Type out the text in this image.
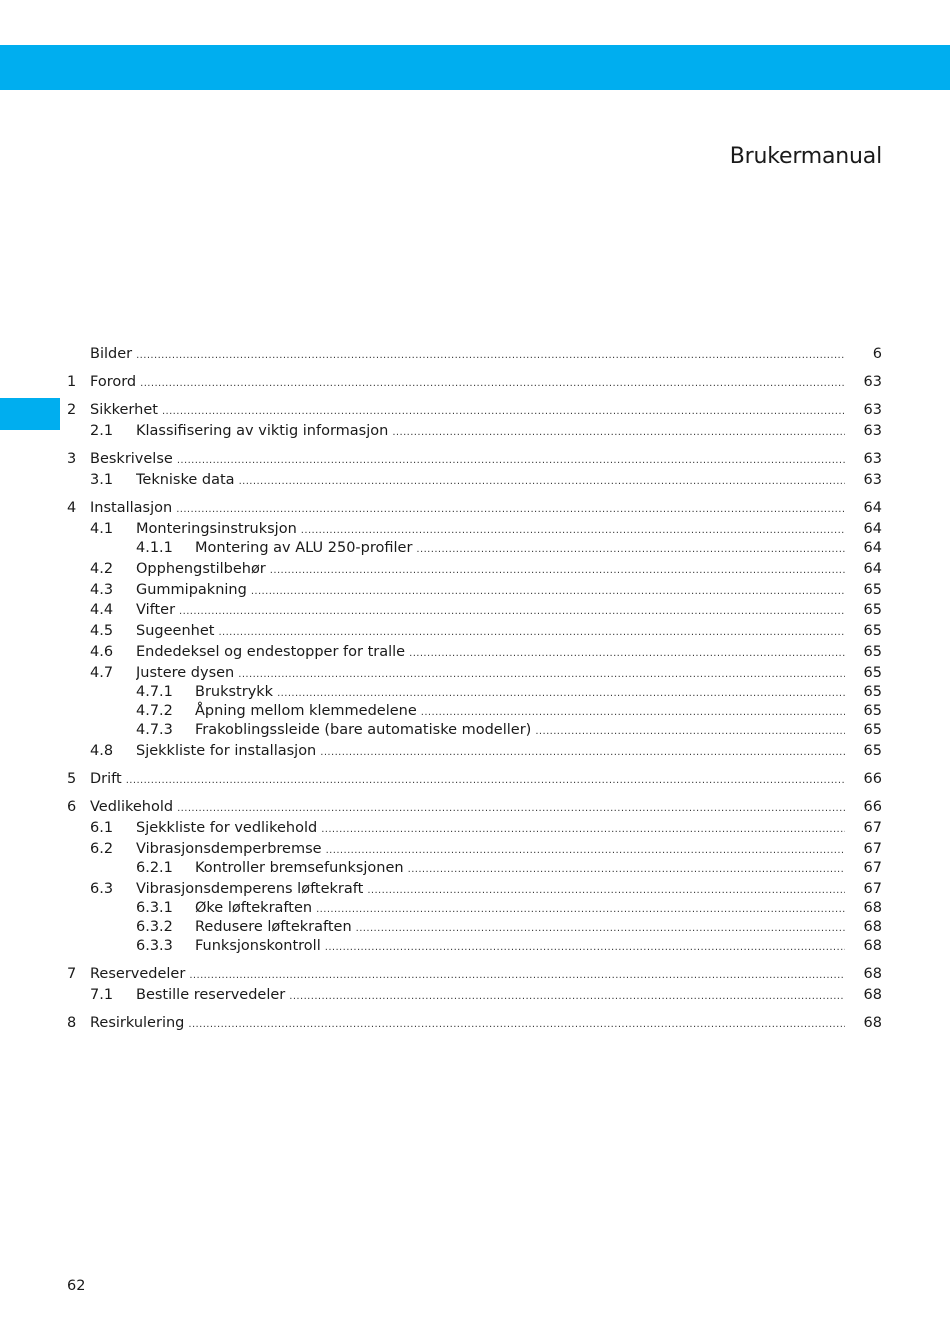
Brukermanual
Bilder .....	6
1 Forord .....	63
2 Sikkerhet .....	63
2.1 Klassifisering av viktig informasjon .....	63
3 Beskrivelse .....	63
3.1 Tekniske data .....	63
4 Installasjon .....	64
4.1 Monteringsinstruksjon .....	64
4.1.1 Montering av ALU 250-profiler .....	64
4.2 Opphengstilbehør .....	64
4.3 Gummipakning .....	65
4.4 Vifter .....	65
4.5 Sugeenhet .....	65
4.6 Endedeksel og endestopper for tralle .....	65
4.7 Justere dysen .....	65
4.7.1 Brukstrykk .....	65
4.7.2 Åpning mellom klemmedelene .....	65
4.7.3 Frakoblingssleide (bare automatiske modeller) .....	65
4.8 Sjekkliste for installasjon .....	65
5 Drift .....	66
6 Vedlikehold .....	66
6.1 Sjekkliste for vedlikehold .....	67
6.2 Vibrasjonsdemperbremse .....	67
6.2.1 Kontroller bremsefunksjonen .....	67
6.3 Vibrasjonsdemperens løftekraft .....	67
6.3.1 Øke løftekraften .....	68
6.3.2 Redusere løftekraften .....	68
6.3.3 Funksjonskontroll .....	68
7 Reservedeler .....	68
7.1 Bestille reservedeler .....	68
8 Resirkulering .....	68
62
